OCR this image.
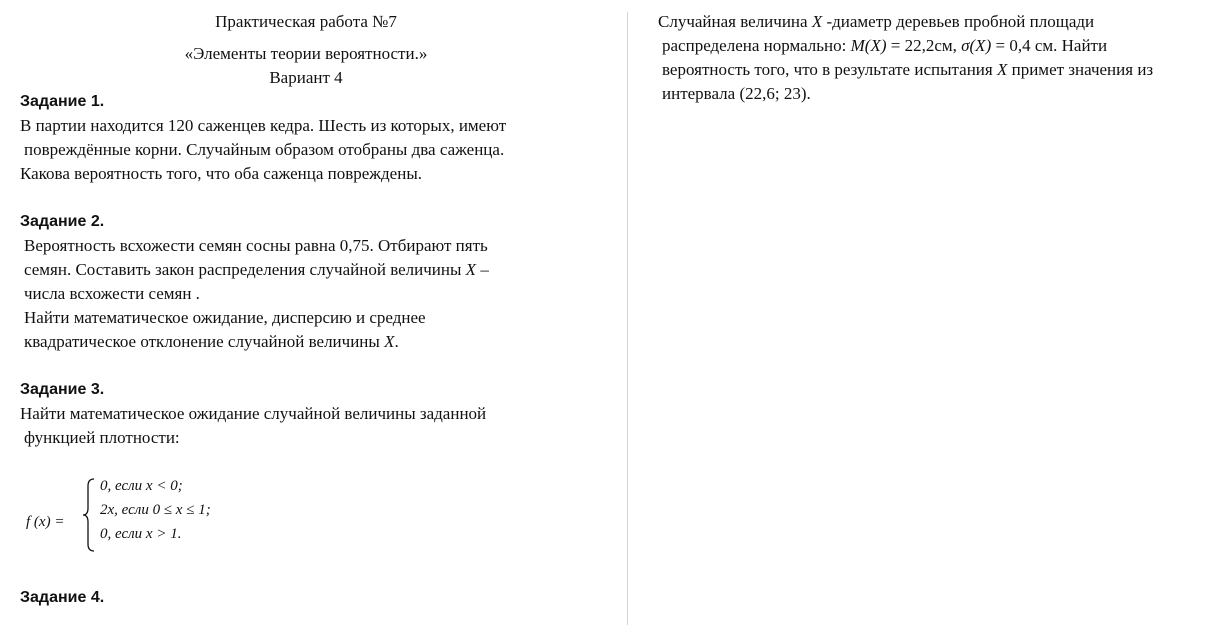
Практическая работа №7

«Элементы теории вероятности.»

Вариант 4

Задание 1.

В партии находится 120 саженцев кедра. Шесть из которых, имеют

повреждённые корни. Случайным образом отобраны два саженца.

Какова вероятность того, что оба саженца повреждены.

Задание 2.

Вероятность всхожести семян сосны равна 0,75. Отбирают пять

семян. Составить закон распределения случайной величины X –

числа всхожести семян .

Найти математическое ожидание, дисперсию и среднее

квадратическое отклонение случайной величины X.

Задание 3.

Найти математическое ожидание случайной величины заданной

функцией плотности:

f (x) =
0, если x < 0;
2x, если 0 ≤ x ≤ 1;
0, если x > 1.

Задание 4.

Случайная величина X -диаметр деревьев пробной площади

распределена нормально: M(X) = 22,2см, σ(X) = 0,4 см. Найти

вероятность того, что в результате испытания X примет значения из

интервала (22,6; 23).
